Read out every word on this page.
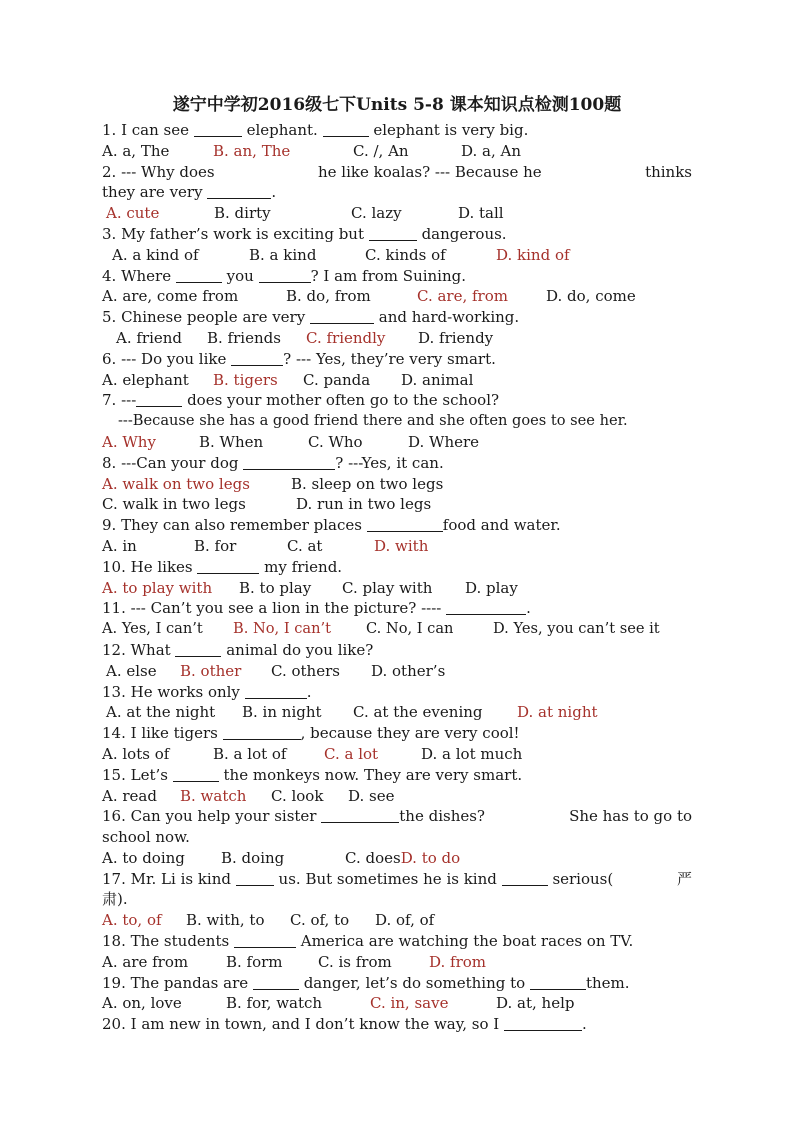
遂宁中学初2016级七下Units 5-8 课本知识点检测100题
1. I can see	elephant.	elephant is very big.
A. a, The	B. an, The	C. /, An	D. a, An
2. --- Why does	he like koalas? --- Because he	thinks
they are very	.
A. cute	B. dirty	C. lazy	D. tall
3. My father’s work is exciting but	dangerous.
A. a kind of	B. a kind	C. kinds of	D. kind of
4. Where	you	? I am from Suining.
A. are, come from	B. do, from	C. are, from	D. do, come
5. Chinese people are very	and hard-working.
A. friend B. friends C. friendly D. friendy
6. --- Do you like	? --- Yes, they’re very smart.
A. elephant B. tigers C. panda D. animal
7. ---	does your mother often go to the school?
---Because she has a good friend there and she often goes to see her.
A. Why	B. When	C. Who	D. Where
8. ---Can your dog	? ---Yes, it can.
A. walk on two legs	B. sleep on two legs
C. walk in two legs	D. run in two legs
9. They can also remember places	food and water.
A. in	B. for	C. at	D. with
10. He likes	my friend.
A. to play with B. to play C. play with D. play
11. --- Can’t you see a lion in the picture? ----	.
A. Yes, I can’t B. No, I can’t C. No, I can	D. Yes, you can’t see it
12. What	animal do you like?
A. else B. other C. others D. other’s
13. He works only	.
A. at the night B. in night C. at the evening D. at night
14. I like tigers	, because they are very cool!
A. lots of	B. a lot of	C. a lot	D. a lot much
15. Let’s	the monkeys now. They are very smart.
A. read B. watch C. look D. see
16. Can you help your sister	the dishes?	She has to go to
school now.
A. to doing B. doing	C. doesD. to do
17. Mr. Li is kind	us. But sometimes he is kind	serious(	严
肃).
A. to, of B. with, to C. of, to D. of, of
18. The students	America are watching the boat races on TV.
A. are from	B. form C. is from D. from
19. The pandas are	danger, let’s do something to	them.
A. on, love	B. for, watch	C. in, save	D. at, help
20. I am new in town, and I don’t know the way, so I	.
